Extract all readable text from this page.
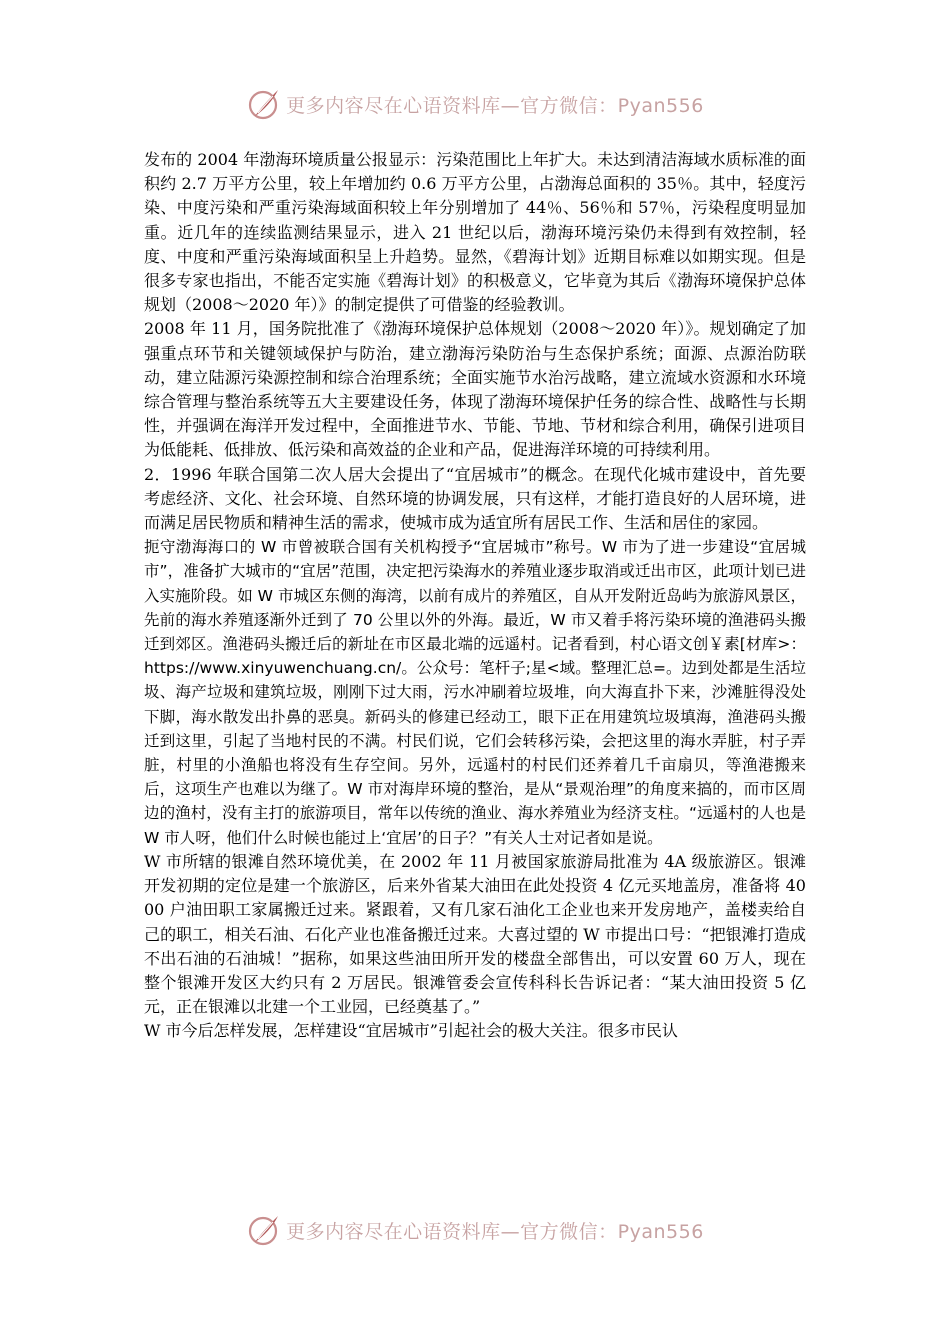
更多内容尽在心语资料库—官方微信：Pyan556

发布的 2004 年渤海环境质量公报显示：污染范围比上年扩大。未达到清洁海域水质标准的面积约 2.7 万平方公里，较上年增加约 0.6 万平方公里，占渤海总面积的 35％。其中，轻度污染、中度污染和严重污染海域面积较上年分别增加了 44％、56％和 57％，污染程度明显加重。近几年的连续监测结果显示，进入 21 世纪以后，渤海环境污染仍未得到有效控制，轻度、中度和严重污染海域面积呈上升趋势。显然，《碧海计划》近期目标难以如期实现。但是很多专家也指出，不能否定实施《碧海计划》的积极意义，它毕竟为其后《渤海环境保护总体规划（2008～2020 年）》的制定提供了可借鉴的经验教训。

2008 年 11 月，国务院批准了《渤海环境保护总体规划（2008～2020 年）》。规划确定了加强重点环节和关键领域保护与防治，建立渤海污染防治与生态保护系统；面源、点源治防联动，建立陆源污染源控制和综合治理系统；全面实施节水治污战略，建立流域水资源和水环境综合管理与整治系统等五大主要建设任务，体现了渤海环境保护任务的综合性、战略性与长期性，并强调在海洋开发过程中，全面推进节水、节能、节地、节材和综合利用，确保引进项目为低能耗、低排放、低污染和高效益的企业和产品，促进海洋环境的可持续利用。

2．1996 年联合国第二次人居大会提出了“宜居城市”的概念。在现代化城市建设中，首先要考虑经济、文化、社会环境、自然环境的协调发展，只有这样，才能打造良好的人居环境，进而满足居民物质和精神生活的需求，使城市成为适宜所有居民工作、生活和居住的家园。

扼守渤海海口的 W 市曾被联合国有关机构授予“宜居城市”称号。W 市为了进一步建设“宜居城市”，准备扩大城市的“宜居”范围，决定把污染海水的养殖业逐步取消或迁出市区，此项计划已进入实施阶段。如 W 市城区东侧的海湾，以前有成片的养殖区，自从开发附近岛屿为旅游风景区，先前的海水养殖逐渐外迁到了 70 公里以外的外海。最近，W 市又着手将污染环境的渔港码头搬迁到郊区。渔港码头搬迁后的新址在市区最北端的远遥村。记者看到，村心语文创￥素[材库>：https://www.xinyuwenchuang.cn/。公众号：笔杆子;星<域。整理汇总=。边到处都是生活垃圾、海产垃圾和建筑垃圾，刚刚下过大雨，污水冲刷着垃圾堆，向大海直扑下来，沙滩脏得没处下脚，海水散发出扑鼻的恶臭。新码头的修建已经动工，眼下正在用建筑垃圾填海，渔港码头搬迁到这里，引起了当地村民的不满。村民们说，它们会转移污染，会把这里的海水弄脏，村子弄脏，村里的小渔船也将没有生存空间。另外，远遥村的村民们还养着几千亩扇贝，等渔港搬来后，这项生产也难以为继了。W 市对海岸环境的整治，是从“景观治理”的角度来搞的，而市区周边的渔村，没有主打的旅游项目，常年以传统的渔业、海水养殖业为经济支柱。“远遥村的人也是 W 市人呀，他们什么时候也能过上‘宜居’的日子？”有关人士对记者如是说。

W 市所辖的银滩自然环境优美，在 2002 年 11 月被国家旅游局批准为 4A 级旅游区。银滩开发初期的定位是建一个旅游区，后来外省某大油田在此处投资 4 亿元买地盖房，准备将 4000 户油田职工家属搬迁过来。紧跟着，又有几家石油化工企业也来开发房地产，盖楼卖给自己的职工，相关石油、石化产业也准备搬迁过来。大喜过望的 W 市提出口号：“把银滩打造成不出石油的石油城！”据称，如果这些油田所开发的楼盘全部售出，可以安置 60 万人，现在整个银滩开发区大约只有 2 万居民。银滩管委会宣传科科长告诉记者：“某大油田投资 5 亿元，正在银滩以北建一个工业园，已经奠基了。”

W 市今后怎样发展，怎样建设“宜居城市”引起社会的极大关注。很多市民认

更多内容尽在心语资料库—官方微信：Pyan556
